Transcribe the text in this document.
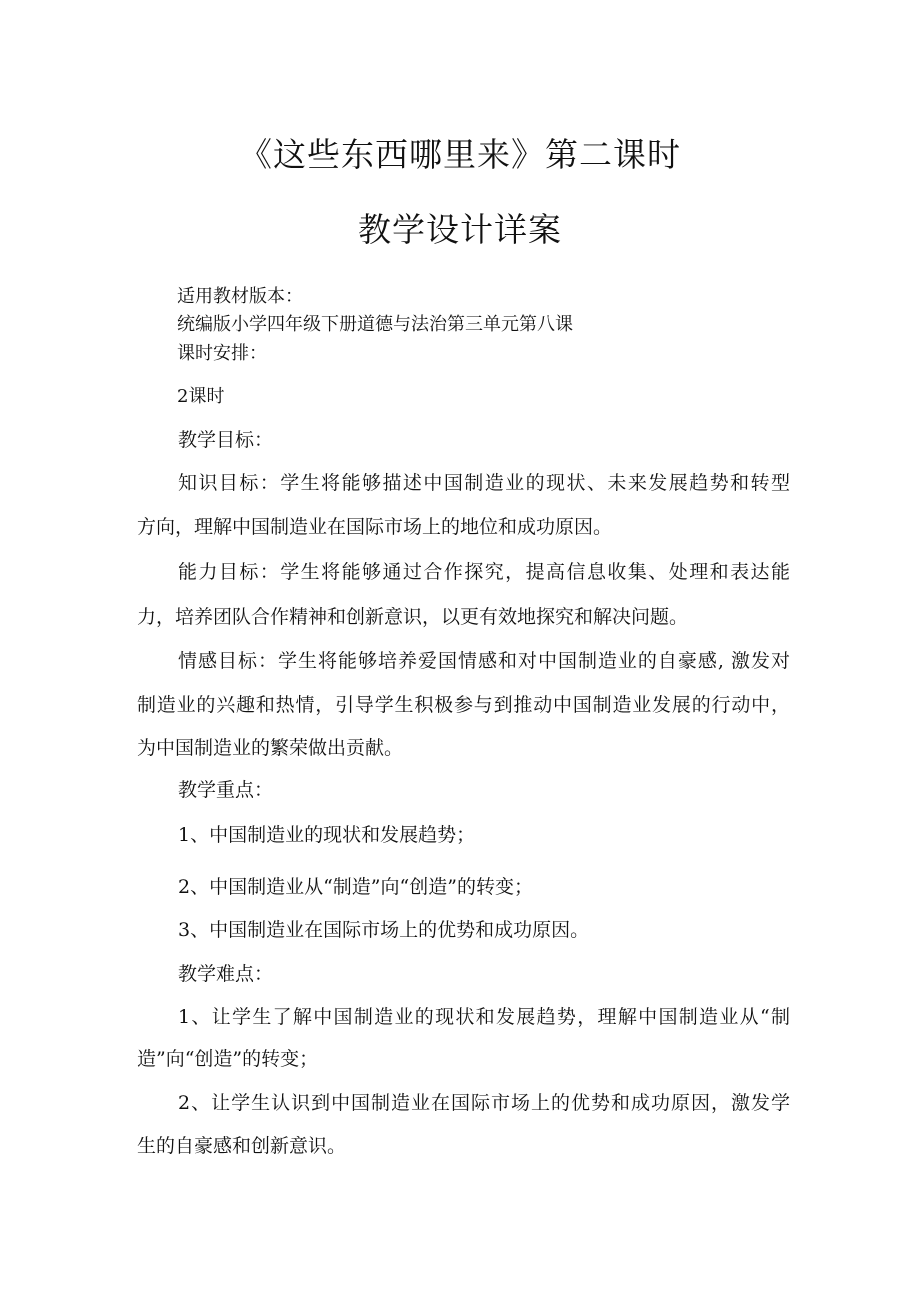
《这些东西哪里来》第二课时
教学设计详案
适用教材版本：
统编版小学四年级下册道德与法治第三单元第八课
课时安排：
2课时
教学目标：
知识目标：学生将能够描述中国制造业的现状、未来发展趋势和转型
方向，理解中国制造业在国际市场上的地位和成功原因。
能力目标：学生将能够通过合作探究，提高信息收集、处理和表达能
力，培养团队合作精神和创新意识，以更有效地探究和解决问题。
情感目标：学生将能够培养爱国情感和对中国制造业的自豪感, 激发对
制造业的兴趣和热情，引导学生积极参与到推动中国制造业发展的行动中，
为中国制造业的繁荣做出贡献。
教学重点：
1、中国制造业的现状和发展趋势；
2、中国制造业从“制造”向“创造”的转变；
3、中国制造业在国际市场上的优势和成功原因。
教学难点：
1、让学生了解中国制造业的现状和发展趋势，理解中国制造业从“制
造”向“创造”的转变；
2、让学生认识到中国制造业在国际市场上的优势和成功原因，激发学
生的自豪感和创新意识。
